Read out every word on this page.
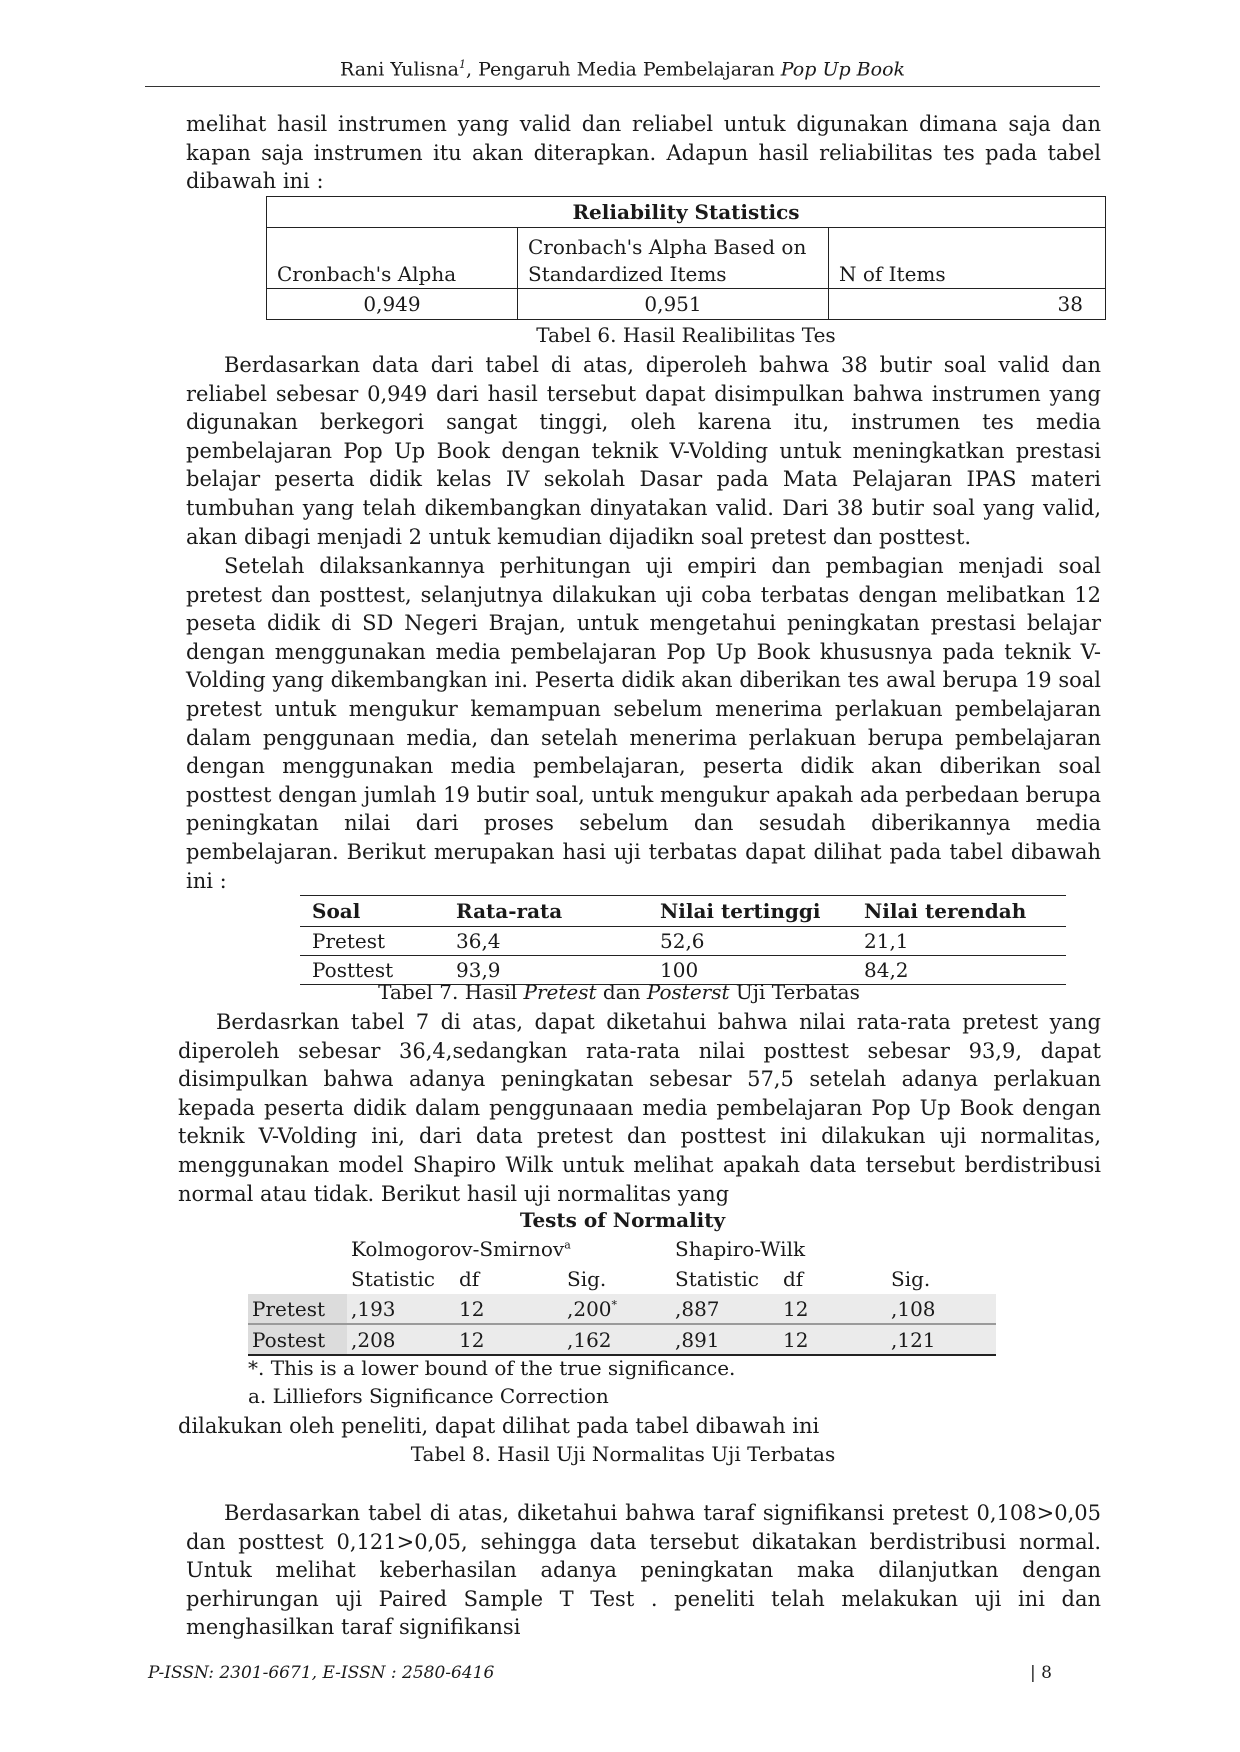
Rani Yulisna$^1$, Pengaruh Media Pembelajaran Pop Up Book

melihat hasil instrumen yang valid dan reliabel untuk digunakan dimana saja dan kapan saja instrumen itu akan diterapkan. Adapun hasil reliabilitas tes pada tabel dibawah ini :

Reliability Statistics		
Cronbach's Alpha	Cronbach's Alpha Based on Standardized Items	N of Items
0,949	0,951	38
Tabel 6. Hasil Realibilitas Tes

Berdasarkan data dari tabel di atas, diperoleh bahwa 38 butir soal valid dan reliabel sebesar 0,949 dari hasil tersebut dapat disimpulkan bahwa instrumen yang digunakan berkegori sangat tinggi, oleh karena itu, instrumen tes media pembelajaran Pop Up Book dengan teknik V-Volding untuk meningkatkan prestasi belajar peserta didik kelas IV sekolah Dasar pada Mata Pelajaran IPAS materi tumbuhan yang telah dikembangkan dinyatakan valid. Dari 38 butir soal yang valid, akan dibagi menjadi 2 untuk kemudian dijadikn soal pretest dan posttest.

Setelah dilaksankannya perhitungan uji empiri dan pembagian menjadi soal pretest dan posttest, selanjutnya dilakukan uji coba terbatas dengan melibatkan 12 peseta didik di SD Negeri Brajan, untuk mengetahui peningkatan prestasi belajar dengan menggunakan media pembelajaran Pop Up Book khususnya pada teknik V-Volding yang dikembangkan ini. Peserta didik akan diberikan tes awal berupa 19 soal pretest untuk mengukur kemampuan sebelum menerima perlakuan pembelajaran dalam penggunaan media, dan setelah menerima perlakuan berupa pembelajaran dengan menggunakan media pembelajaran, peserta didik akan diberikan soal posttest dengan jumlah 19 butir soal, untuk mengukur apakah ada perbedaan berupa peningkatan nilai dari proses sebelum dan sesudah diberikannya media pembelajaran. Berikut merupakan hasi uji terbatas dapat dilihat pada tabel dibawah ini :

Soal	Rata-rata	Nilai tertinggi	Nilai terendah
Pretest	36,4	52,6	21,1
Posttest	93,9	100	84,2
Tabel 7. Hasil Pretest dan Posterst Uji Terbatas

Berdasrkan tabel 7 di atas, dapat diketahui bahwa nilai rata-rata pretest yang diperoleh sebesar 36,4,sedangkan rata-rata nilai posttest sebesar 93,9, dapat disimpulkan bahwa adanya peningkatan sebesar 57,5 setelah adanya perlakuan kepada peserta didik dalam penggunaaan media pembelajaran Pop Up Book dengan teknik V-Volding ini, dari data pretest dan posttest ini dilakukan uji normalitas, menggunakan model Shapiro Wilk untuk melihat apakah data tersebut berdistribusi normal atau tidak. Berikut hasil uji normalitas yang

Tests of Normality
	Kolmogorov-Smirnov$^a$			Shapiro-Wilk		
	Statistic	df	Sig.	Statistic	df	Sig.
Pretest	,193	12	,200*	,887	12	,108
Postest	,208	12	,162	,891	12	,121
*. This is a lower bound of the true significance.
a. Lilliefors Significance Correction
dilakukan oleh peneliti, dapat dilihat pada tabel dibawah ini
Tabel 8. Hasil Uji Normalitas Uji Terbatas

Berdasarkan tabel di atas, diketahui bahwa taraf signifikansi pretest 0,108>0,05 dan posttest 0,121>0,05, sehingga data tersebut dikatakan berdistribusi normal. Untuk melihat keberhasilan adanya peningkatan maka dilanjutkan dengan perhirungan uji Paired Sample T Test . peneliti telah melakukan uji ini dan menghasilkan taraf signifikansi

P-ISSN: 2301-6671, E-ISSN : 2580-6416	| 8
